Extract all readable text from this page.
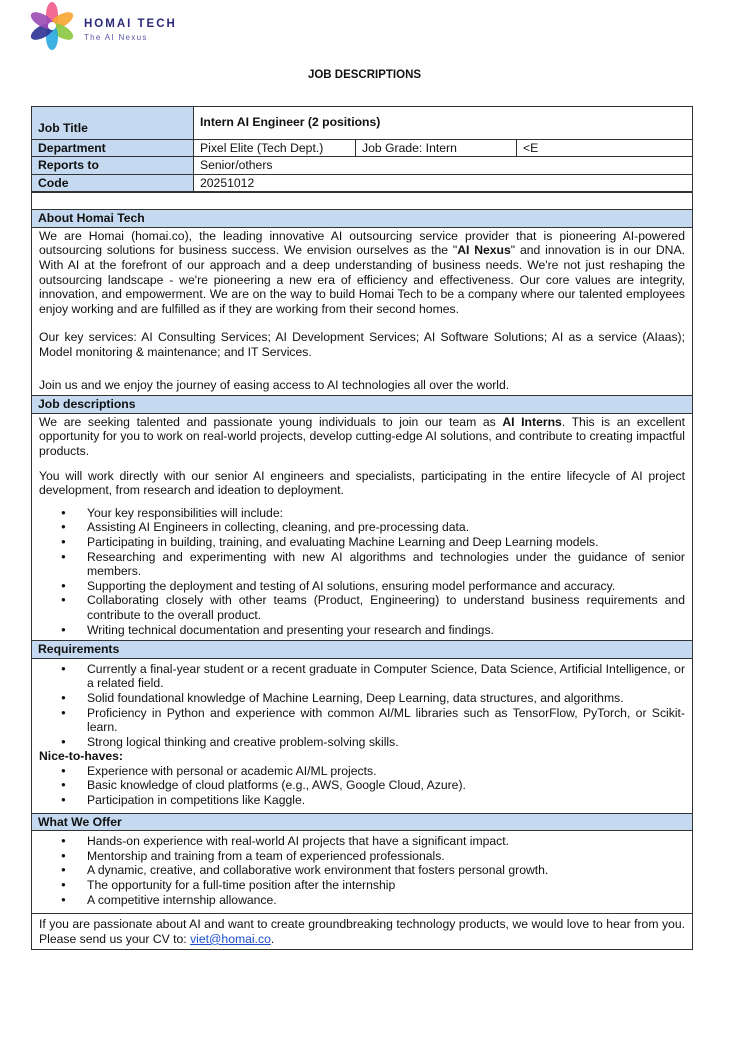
HOMAI TECH
The AI Nexus
JOB DESCRIPTIONS
Job Title	Intern AI Engineer (2 positions)		
Department	Pixel Elite (Tech Dept.)	Job Grade: Intern	<E
Reports to	Senior/others		
Code	20251012		
About Homai Tech

We are Homai (homai.co), the leading innovative AI outsourcing service provider that is pioneering AI-powered outsourcing solutions for business success. We envision ourselves as the "AI Nexus" and innovation is in our DNA. With AI at the forefront of our approach and a deep understanding of business needs. We're not just reshaping the outsourcing landscape - we're pioneering a new era of efficiency and effectiveness. Our core values are integrity, innovation, and empowerment. We are on the way to build Homai Tech to be a company where our talented employees enjoy working and are fulfilled as if they are working from their second homes.

Our key services: AI Consulting Services; AI Development Services; AI Software Solutions; AI as a service (AIaas); Model monitoring & maintenance; and IT Services.

Join us and we enjoy the journey of easing access to AI technologies all over the world.

Job descriptions

We are seeking talented and passionate young individuals to join our team as AI Interns. This is an excellent opportunity for you to work on real-world projects, develop cutting-edge AI solutions, and contribute to creating impactful products.

You will work directly with our senior AI engineers and specialists, participating in the entire lifecycle of AI project development, from research and ideation to deployment.

● Your key responsibilities will include:
● Assisting AI Engineers in collecting, cleaning, and pre-processing data.
● Participating in building, training, and evaluating Machine Learning and Deep Learning models.
● Researching and experimenting with new AI algorithms and technologies under the guidance of senior members.
● Supporting the deployment and testing of AI solutions, ensuring model performance and accuracy.
● Collaborating closely with other teams (Product, Engineering) to understand business requirements and contribute to the overall product.
● Writing technical documentation and presenting your research and findings.
Requirements
● Currently a final-year student or a recent graduate in Computer Science, Data Science, Artificial Intelligence, or a related field.
● Solid foundational knowledge of Machine Learning, Deep Learning, data structures, and algorithms.
● Proficiency in Python and experience with common AI/ML libraries such as TensorFlow, PyTorch, or Scikit-learn.
● Strong logical thinking and creative problem-solving skills.
Nice-to-haves:
● Experience with personal or academic AI/ML projects.
● Basic knowledge of cloud platforms (e.g., AWS, Google Cloud, Azure).
● Participation in competitions like Kaggle.
What We Offer
● Hands-on experience with real-world AI projects that have a significant impact.
● Mentorship and training from a team of experienced professionals.
● A dynamic, creative, and collaborative work environment that fosters personal growth.
● The opportunity for a full-time position after the internship
● A competitive internship allowance.

If you are passionate about AI and want to create groundbreaking technology products, we would love to hear from you. Please send us your CV to: viet@homai.co.
